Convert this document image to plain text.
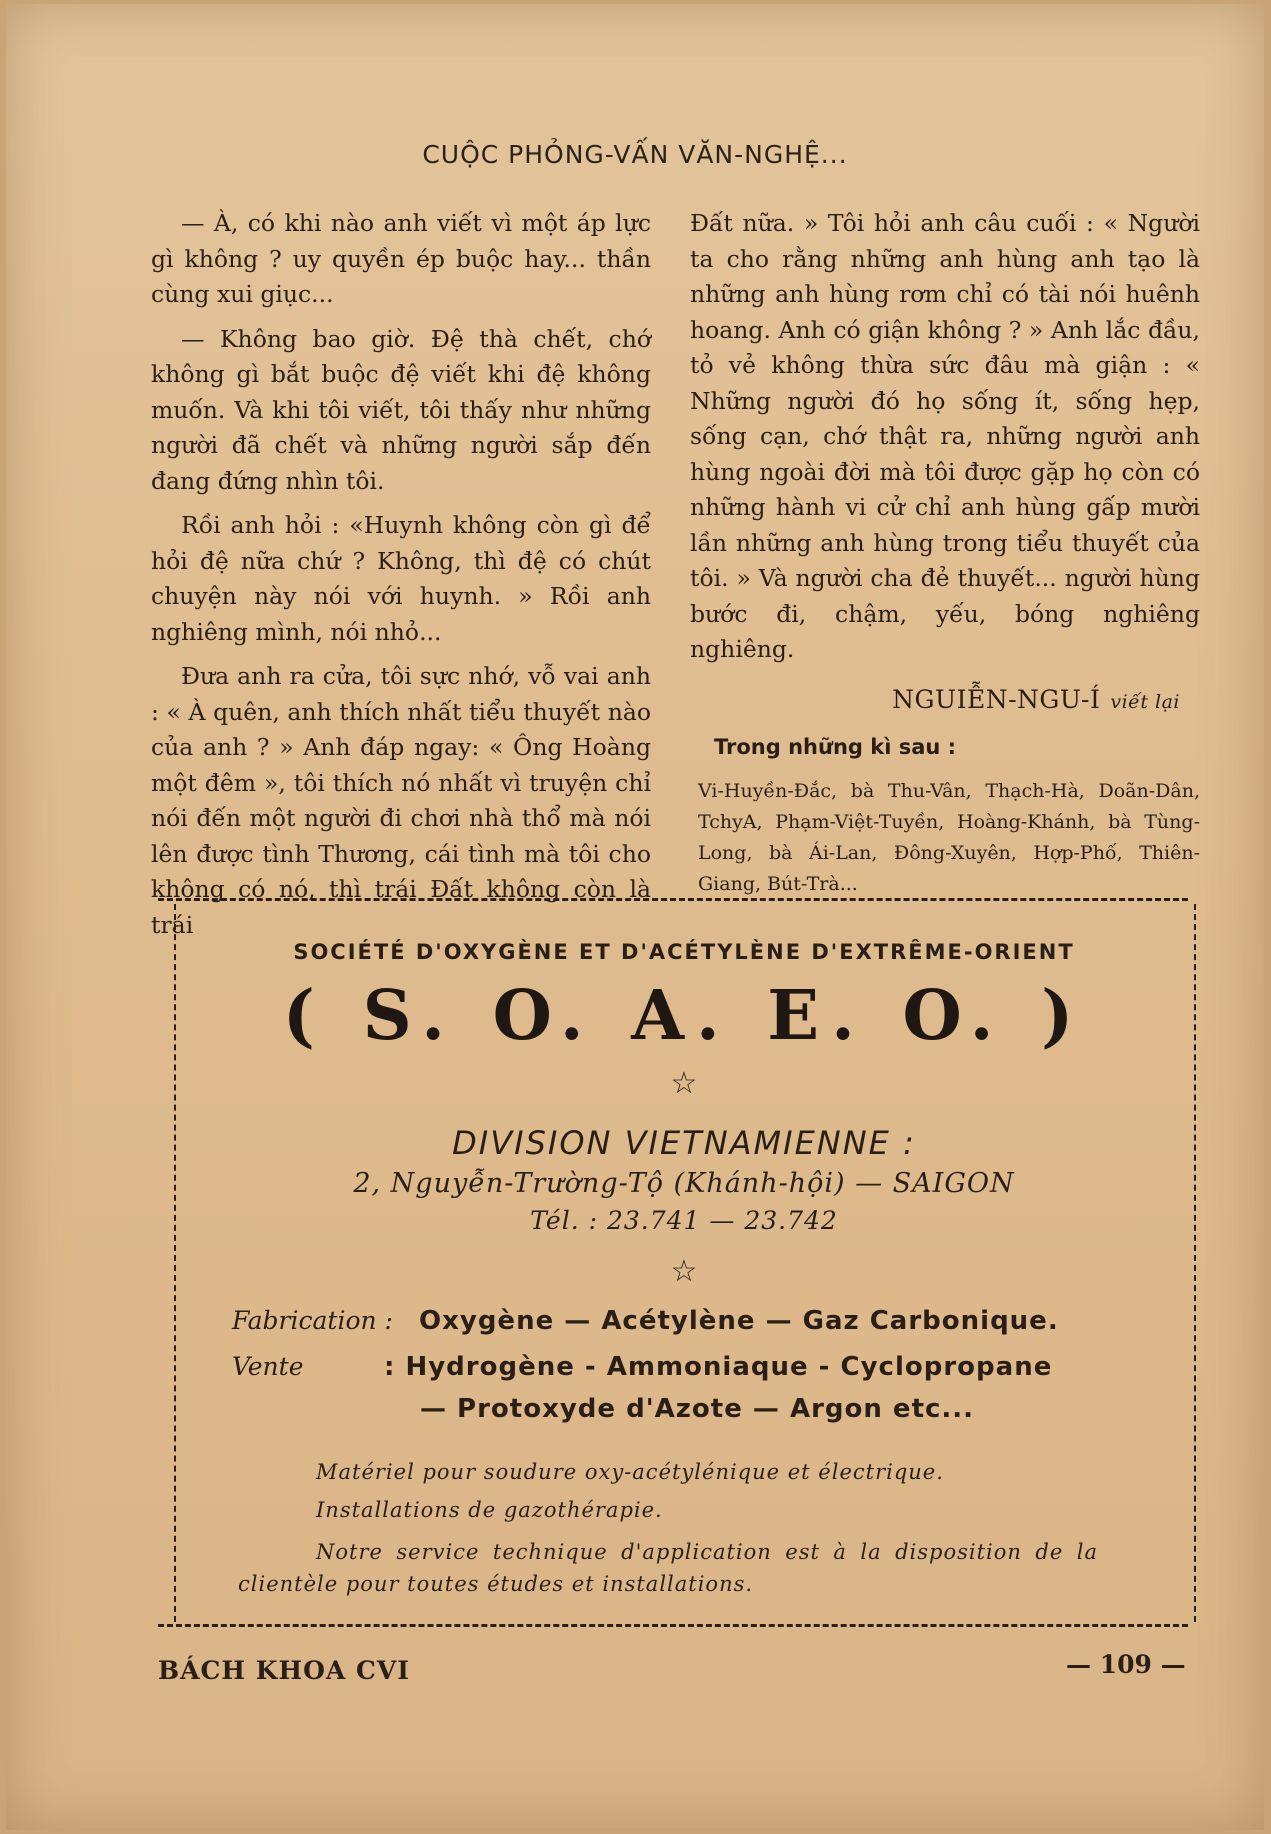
CUỘC PHỎNG-VẤN VĂN-NGHỆ...

— À, có khi nào anh viết vì một áp lực gì không ? uy quyền ép buộc hay... thần cùng xui giục...

— Không bao giờ. Đệ thà chết, chớ không gì bắt buộc đệ viết khi đệ không muốn. Và khi tôi viết, tôi thấy như những người đã chết và những người sắp đến đang đứng nhìn tôi.

Rồi anh hỏi : «Huynh không còn gì để hỏi đệ nữa chứ ? Không, thì đệ có chút chuyện này nói với huynh. » Rồi anh nghiêng mình, nói nhỏ...

Đưa anh ra cửa, tôi sực nhớ, vỗ vai anh : « À quên, anh thích nhất tiểu thuyết nào của anh ? » Anh đáp ngay: « Ông Hoàng một đêm », tôi thích nó nhất vì truyện chỉ nói đến một người đi chơi nhà thổ mà nói lên được tình Thương, cái tình mà tôi cho không có nó, thì trái Đất không còn là trái

Đất nữa. » Tôi hỏi anh câu cuối : « Người ta cho rằng những anh hùng anh tạo là những anh hùng rơm chỉ có tài nói huênh hoang. Anh có giận không ? » Anh lắc đầu, tỏ vẻ không thừa sức đâu mà giận : « Những người đó họ sống ít, sống hẹp, sống cạn, chớ thật ra, những người anh hùng ngoài đời mà tôi được gặp họ còn có những hành vi cử chỉ anh hùng gấp mười lần những anh hùng trong tiểu thuyết của tôi. » Và người cha đẻ thuyết... người hùng bước đi, chậm, yếu, bóng nghiêng nghiêng.

NGUIỄN-NGU-Í viết lại
Trong những kì sau :
Vi-Huyền-Đắc, bà Thu-Vân, Thạch-Hà, Doãn-Dân, TchyA, Phạm-Việt-Tuyền, Hoàng-Khánh, bà Tùng-Long, bà Ái-Lan, Đông-Xuyên, Hợp-Phố, Thiên-Giang, Bút-Trà...
SOCIÉTÉ D'OXYGÈNE ET D'ACÉTYLÈNE D'EXTRÊME-ORIENT
( S. O. A. E. O. )
☆
DIVISION VIETNAMIENNE :
2, Nguyễn-Trường-Tộ (Khánh-hội) — SAIGON
Tél. : 23.741 — 23.742
☆
Fabrication : Oxygène — Acétylène — Gaz Carbonique.
Vente	: Hydrogène - Ammoniaque - Cyclopropane
— Protoxyde d'Azote — Argon etc...
Matériel pour soudure oxy-acétylénique et électrique.
Installations de gazothérapie.
Notre service technique d'application est à la disposition de la clientèle pour toutes études et installations.
BÁCH KHOA CVI	— 109 —
